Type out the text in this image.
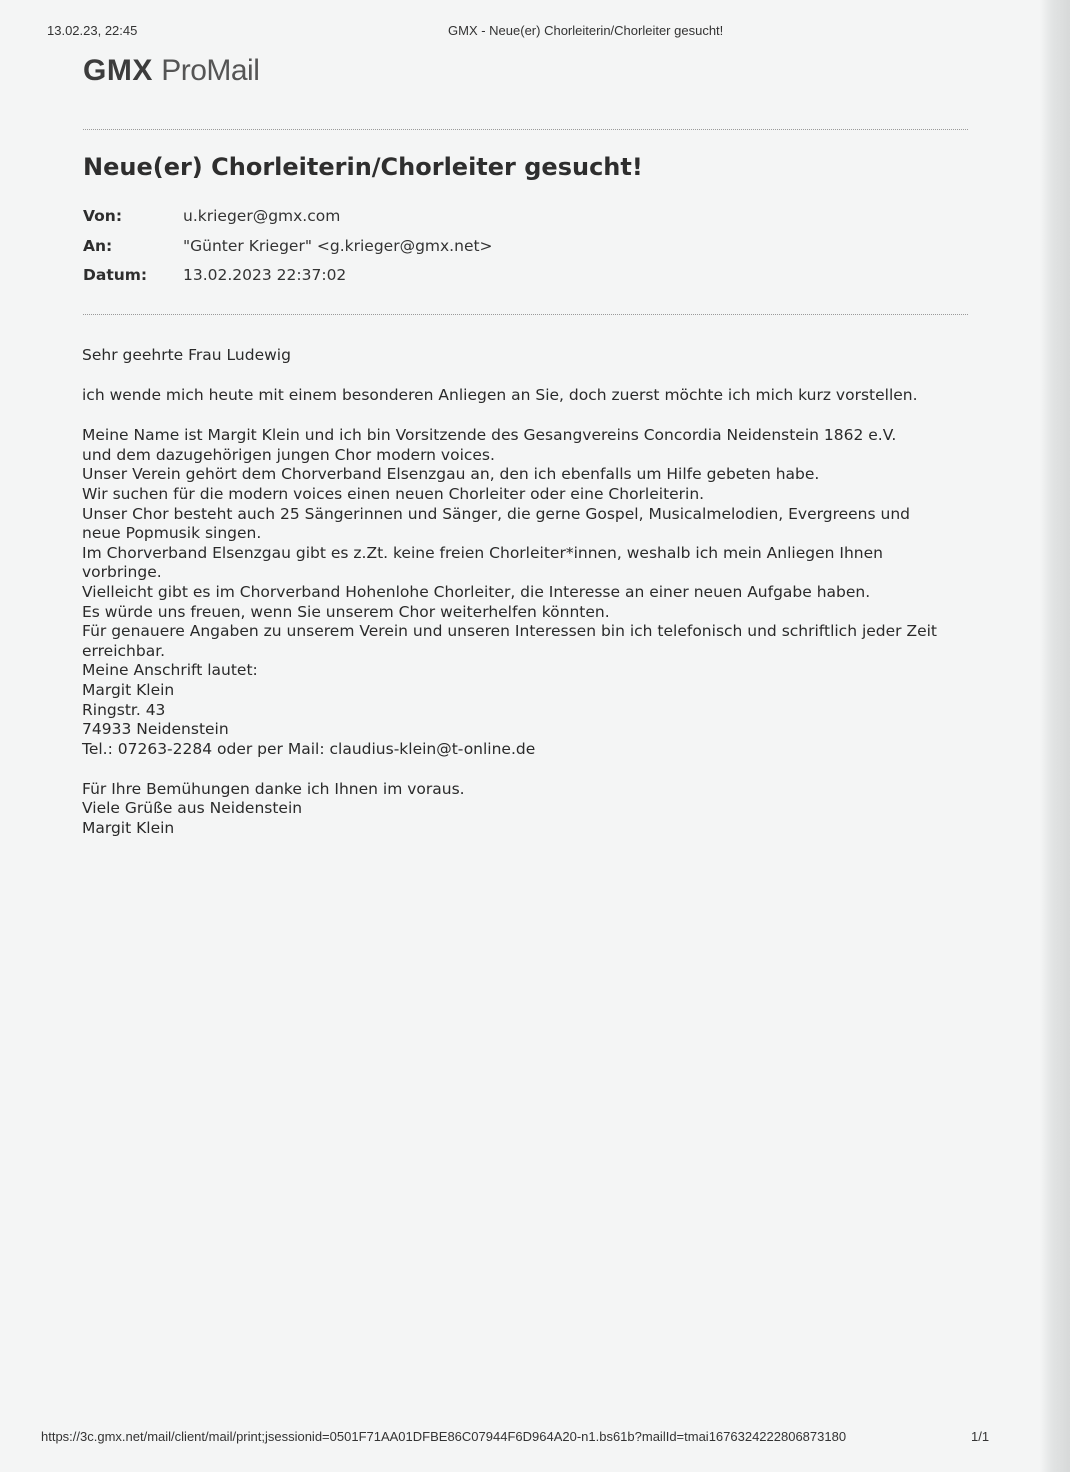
13.02.23, 22:45	GMX - Neue(er) Chorleiterin/Chorleiter gesucht!
GMX ProMail
Neue(er) Chorleiterin/Chorleiter gesucht!
Von:	u.krieger@gmx.com
An:	"Günter Krieger" <g.krieger@gmx.net>
Datum: 13.02.2023 22:37:02

Sehr geehrte Frau Ludewig

ich wende mich heute mit einem besonderen Anliegen an Sie, doch zuerst möchte ich mich kurz vorstellen.

Meine Name ist Margit Klein und ich bin Vorsitzende des Gesangvereins Concordia Neidenstein 1862 e.V.

und dem dazugehörigen jungen Chor modern voices.

Unser Verein gehört dem Chorverband Elsenzgau an, den ich ebenfalls um Hilfe gebeten habe.

Wir suchen für die modern voices einen neuen Chorleiter oder eine Chorleiterin.

Unser Chor besteht auch 25 Sängerinnen und Sänger, die gerne Gospel, Musicalmelodien, Evergreens und

neue Popmusik singen.

Im Chorverband Elsenzgau gibt es z.Zt. keine freien Chorleiter*innen, weshalb ich mein Anliegen Ihnen

vorbringe.

Vielleicht gibt es im Chorverband Hohenlohe Chorleiter, die Interesse an einer neuen Aufgabe haben.

Es würde uns freuen, wenn Sie unserem Chor weiterhelfen könnten.

Für genauere Angaben zu unserem Verein und unseren Interessen bin ich telefonisch und schriftlich jeder Zeit

erreichbar.

Meine Anschrift lautet:

Margit Klein

Ringstr. 43

74933 Neidenstein

Tel.: 07263-2284 oder per Mail: claudius-klein@t-online.de

Für Ihre Bemühungen danke ich Ihnen im voraus.

Viele Grüße aus Neidenstein

Margit Klein

https://3c.gmx.net/mail/client/mail/print;jsessionid=0501F71AA01DFBE86C07944F6D964A20-n1.bs61b?mailId=tmai1676324222806873180	1/1
